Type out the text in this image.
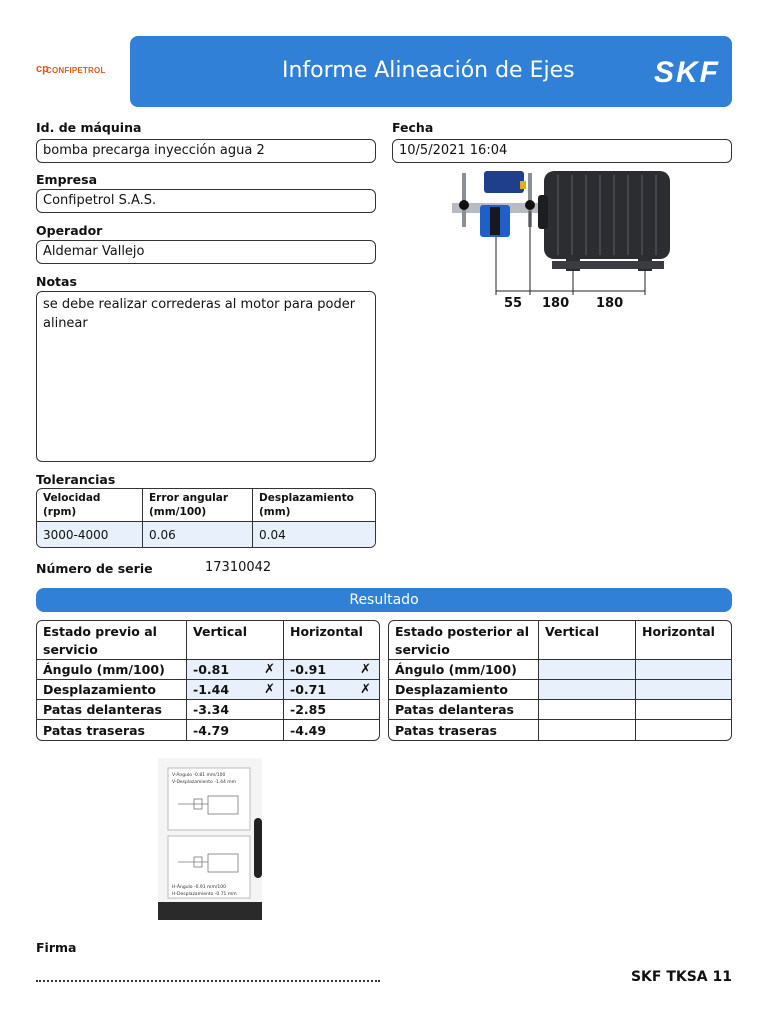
cp
CONFIPETROL	Informe Alineación de Ejes	SKF
Id. de máquina
bomba precarga inyección agua 2
Empresa
Confipetrol S.A.S.
Operador
Aldemar Vallejo
Notas
se debe realizar correderas al motor para poder alinear
Fecha
10/5/2021 16:04
55 180 180
Tolerancias
Velocidad (rpm)	Error angular (mm/100)	Desplazamiento (mm)
3000-4000	0.06	0.04
Número de serie	17310042
Resultado
Estado previo al servicio	Vertical	Horizontal
Ángulo (mm/100)	-0.81 ✗	-0.91 ✗

Desplazamiento	-1.44 ✗	-0.71 ✗

Patas delanteras	-3.34	-2.85
Patas traseras	-4.79	-4.49
Estado posterior al servicio	Vertical	Horizontal
Ángulo (mm/100)		
Desplazamiento		
Patas delanteras		
Patas traseras		
V-Ángulo -0.81 mm/100
V-Desplazamiento -1.44 mm
H-Ángulo -0.91 mm/100
H-Desplazamiento -0.71 mm
Firma
SKF TKSA 11
